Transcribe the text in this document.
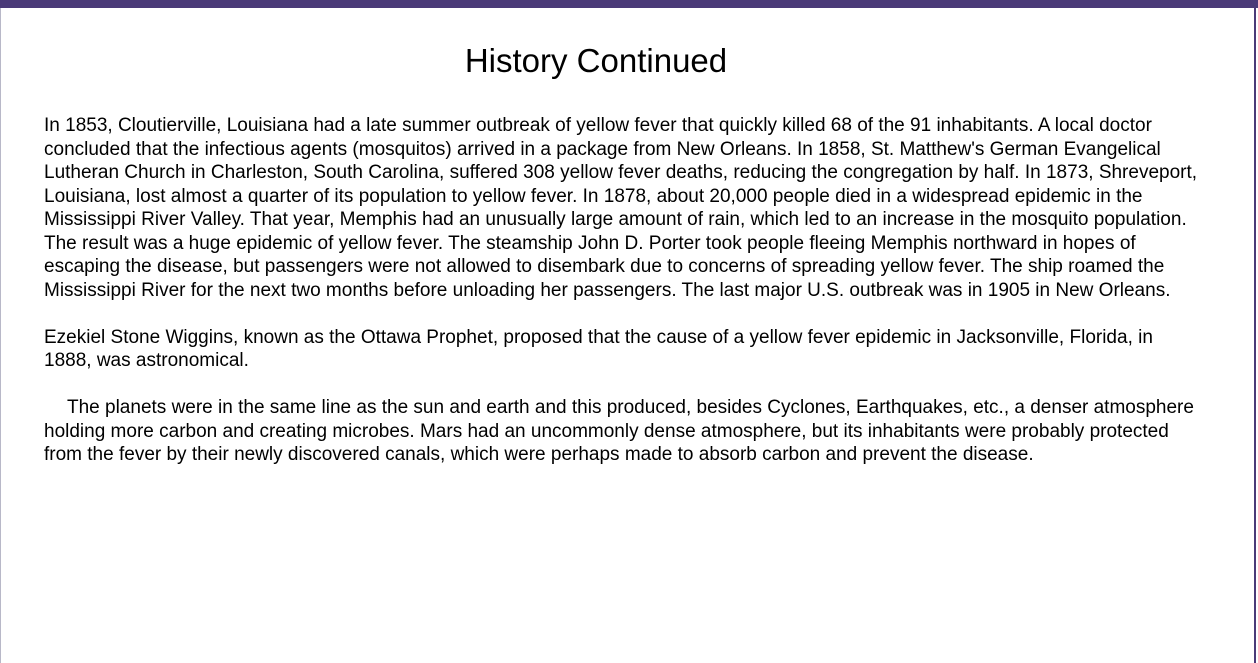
History Continued

In 1853, Cloutierville, Louisiana had a late summer outbreak of yellow fever that quickly killed 68 of the 91 inhabitants. A local doctor concluded that the infectious agents (mosquitos) arrived in a package from New Orleans. In 1858, St. Matthew's German Evangelical Lutheran Church in Charleston, South Carolina, suffered 308 yellow fever deaths, reducing the congregation by half. In 1873, Shreveport, Louisiana, lost almost a quarter of its population to yellow fever. In 1878, about 20,000 people died in a widespread epidemic in the Mississippi River Valley. That year, Memphis had an unusually large amount of rain, which led to an increase in the mosquito population. The result was a huge epidemic of yellow fever. The steamship John D. Porter took people fleeing Memphis northward in hopes of escaping the disease, but passengers were not allowed to disembark due to concerns of spreading yellow fever. The ship roamed the Mississippi River for the next two months before unloading her passengers. The last major U.S. outbreak was in 1905 in New Orleans.

Ezekiel Stone Wiggins, known as the Ottawa Prophet, proposed that the cause of a yellow fever epidemic in Jacksonville, Florida, in 1888, was astronomical.

The planets were in the same line as the sun and earth and this produced, besides Cyclones, Earthquakes, etc., a denser atmosphere holding more carbon and creating microbes. Mars had an uncommonly dense atmosphere, but its inhabitants were probably protected from the fever by their newly discovered canals, which were perhaps made to absorb carbon and prevent the disease.
